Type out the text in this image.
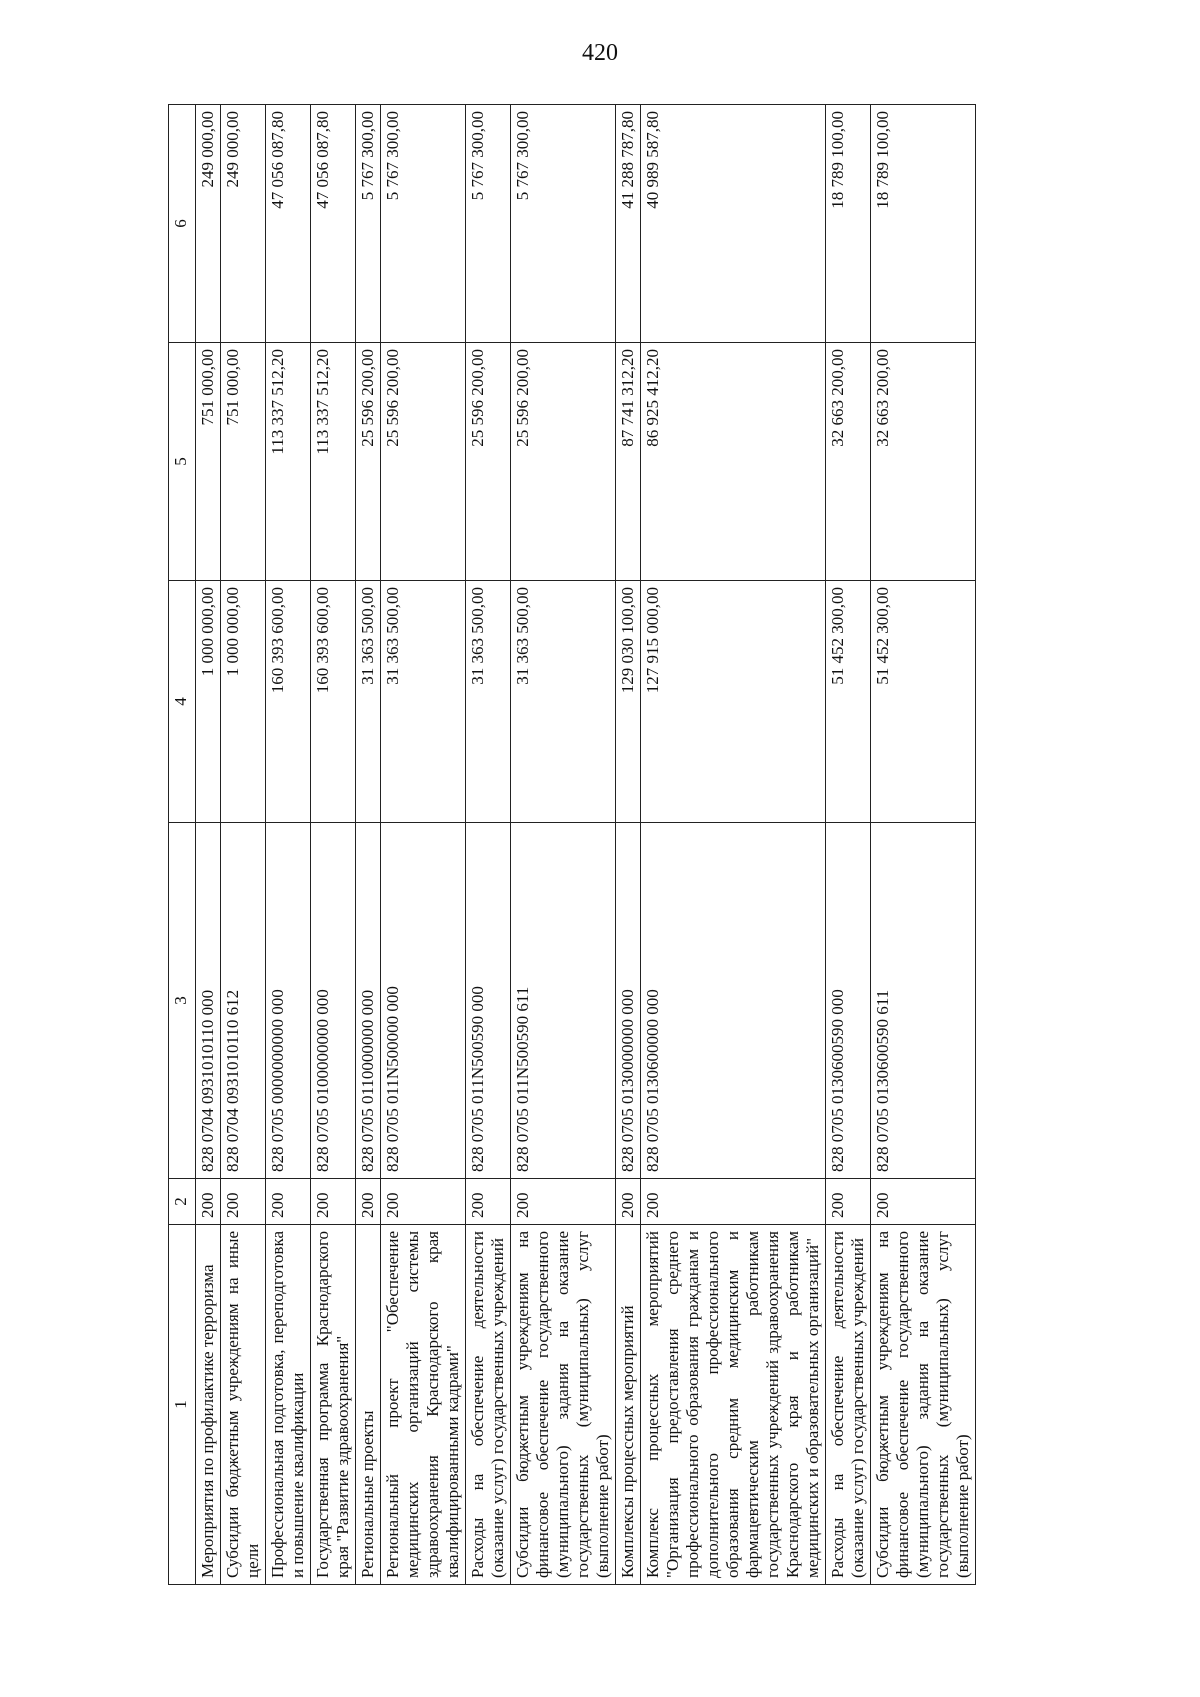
420
1	2	3	4	5	6
Мероприятия по профилактике терроризма	200	828 0704 0931010110 000	1 000 000,00	751 000,00	249 000,00
Субсидии бюджетным учреждениям на иные цели	200	828 0704 0931010110 612	1 000 000,00	751 000,00	249 000,00
Профессиональная подготовка, переподготовка и повышение квалификации	200	828 0705 0000000000 000	160 393 600,00	113 337 512,20	47 056 087,80
Государственная программа Краснодарского края "Развитие здравоохранения"	200	828 0705 0100000000 000	160 393 600,00	113 337 512,20	47 056 087,80
Региональные проекты	200	828 0705 0110000000 000	31 363 500,00	25 596 200,00	5 767 300,00
Региональный проект "Обеспечение медицинских организаций системы здравоохранения Краснодарского края квалифицированными кадрами"	200	828 0705 011N500000 000	31 363 500,00	25 596 200,00	5 767 300,00
Расходы на обеспечение деятельности (оказание услуг) государственных учреждений	200	828 0705 011N500590 000	31 363 500,00	25 596 200,00	5 767 300,00
Субсидии бюджетным учреждениям на финансовое обеспечение государственного (муниципального) задания на оказание государственных (муниципальных) услуг (выполнение работ)	200	828 0705 011N500590 611	31 363 500,00	25 596 200,00	5 767 300,00
Комплексы процессных мероприятий	200	828 0705 0130000000 000	129 030 100,00	87 741 312,20	41 288 787,80
Комплекс процессных мероприятий "Организация предоставления среднего профессионального образования гражданам и дополнительного профессионального образования средним медицинским и фармацевтическим работникам государственных учреждений здравоохранения Краснодарского края и работникам медицинских и образовательных организаций"	200	828 0705 0130600000 000	127 915 000,00	86 925 412,20	40 989 587,80
Расходы на обеспечение деятельности (оказание услуг) государственных учреждений	200	828 0705 0130600590 000	51 452 300,00	32 663 200,00	18 789 100,00
Субсидии бюджетным учреждениям на финансовое обеспечение государственного (муниципального) задания на оказание государственных (муниципальных) услуг (выполнение работ)	200	828 0705 0130600590 611	51 452 300,00	32 663 200,00	18 789 100,00
